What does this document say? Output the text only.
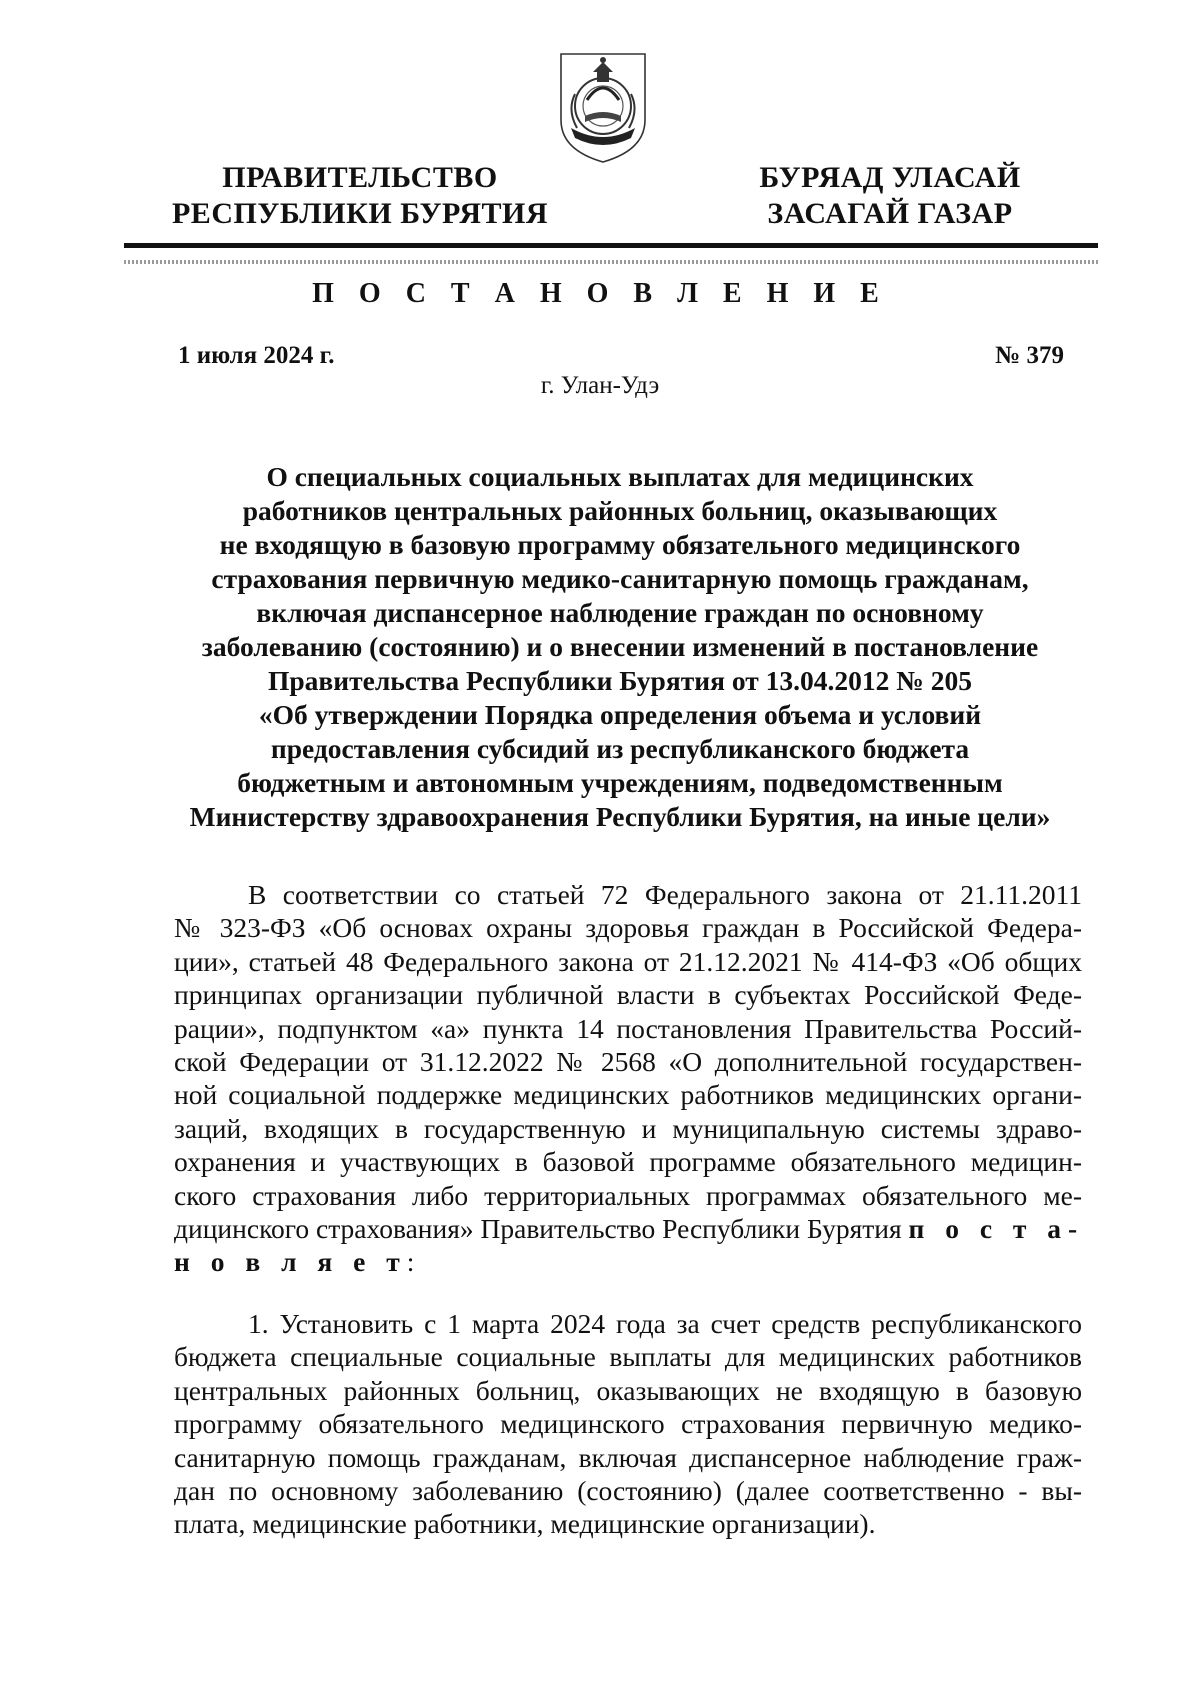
ПРАВИТЕЛЬСТВО
РЕСПУБЛИКИ БУРЯТИЯ
БУРЯАД УЛАСАЙ
ЗАСАГАЙ ГАЗАР
П О С Т А Н О В Л Е Н И Е
1 июля 2024 г.	№ 379
г. Улан-Удэ
О специальных социальных выплатах для медицинских
работников центральных районных больниц, оказывающих
не входящую в базовую программу обязательного медицинского
страхования первичную медико-санитарную помощь гражданам,
включая диспансерное наблюдение граждан по основному
заболеванию (состоянию) и о внесении изменений в постановление
Правительства Республики Бурятия от 13.04.2012 № 205
«Об утверждении Порядка определения объема и условий
предоставления субсидий из республиканского бюджета
бюджетным и автономным учреждениям, подведомственным
Министерству здравоохранения Республики Бурятия, на иные цели»
В соответствии со статьей 72 Федерального закона от 21.11.2011
№ 323-ФЗ «Об основах охраны здоровья граждан в Российской Федера-
ции», статьей 48 Федерального закона от 21.12.2021 № 414-ФЗ «Об общих
принципах организации публичной власти в субъектах Российской Феде-
рации», подпунктом «а» пункта 14 постановления Правительства Россий-
ской Федерации от 31.12.2022 № 2568 «О дополнительной государствен-
ной социальной поддержке медицинских работников медицинских органи-
заций, входящих в государственную и муниципальную системы здраво-
охранения и участвующих в базовой программе обязательного медицин-
ского страхования либо территориальных программах обязательного ме-
дицинского страхования» Правительство Республики Бурятия п о с т а-
н о в л я е т:
1. Установить с 1 марта 2024 года за счет средств республиканского
бюджета специальные социальные выплаты для медицинских работников
центральных районных больниц, оказывающих не входящую в базовую
программу обязательного медицинского страхования первичную медико-
санитарную помощь гражданам, включая диспансерное наблюдение граж-
дан по основному заболеванию (состоянию) (далее соответственно - вы-
плата, медицинские работники, медицинские организации).
